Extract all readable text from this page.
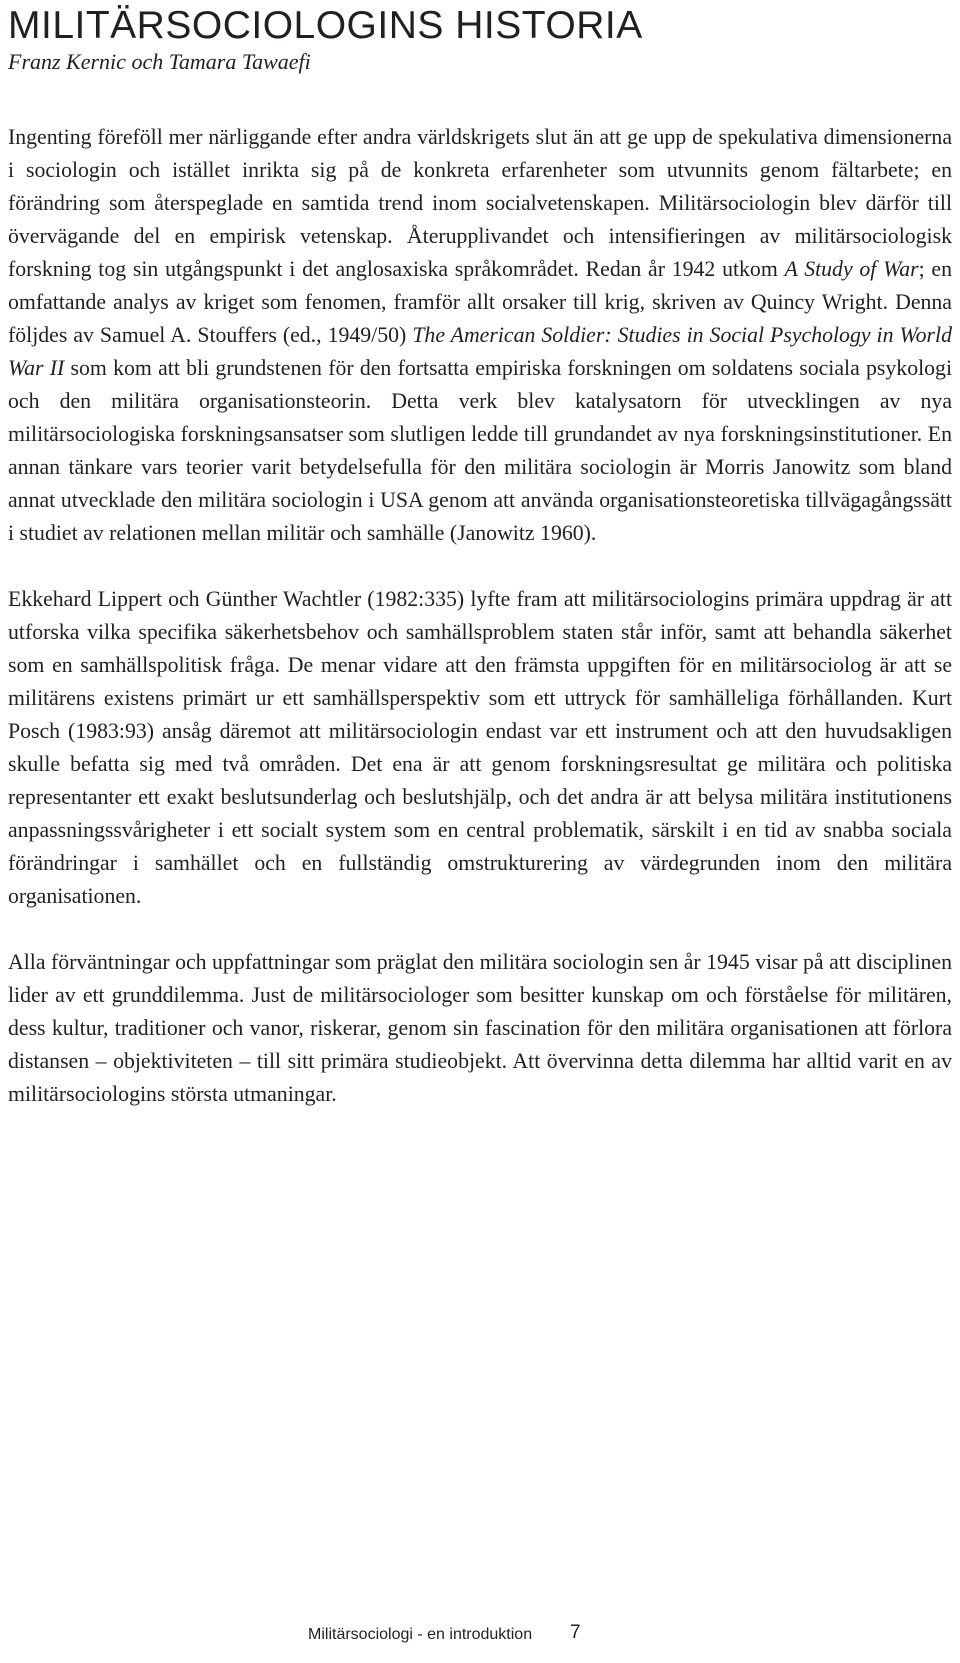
MILITÄRSOCIOLOGINS HISTORIA
Franz Kernic och Tamara Tawaefi

Ingenting föreföll mer närliggande efter andra världskrigets slut än att ge upp de spekulativa dimensionerna i sociologin och istället inrikta sig på de konkreta erfarenheter som utvunnits genom fältarbete; en förändring som återspeglade en samtida trend inom socialvetenskapen. Militärsociologin blev därför till övervägande del en empirisk vetenskap. Återupplivandet och intensifieringen av militärsociologisk forskning tog sin utgångspunkt i det anglosaxiska språkområdet. Redan år 1942 utkom A Study of War; en omfattande analys av kriget som fenomen, framför allt orsaker till krig, skriven av Quincy Wright. Denna följdes av Samuel A. Stouffers (ed., 1949/50) The American Soldier: Studies in Social Psychology in World War II som kom att bli grundstenen för den fortsatta empiriska forskningen om soldatens sociala psykologi och den militära organisationsteorin. Detta verk blev katalysatorn för utvecklingen av nya militärsociologiska forskningsansatser som slutligen ledde till grundandet av nya forskningsinstitutioner. En annan tänkare vars teorier varit betydelsefulla för den militära sociologin är Morris Janowitz som bland annat utvecklade den militära sociologin i USA genom att använda organisationsteoretiska tillvägagångssätt i studiet av relationen mellan militär och samhälle (Janowitz 1960).

Ekkehard Lippert och Günther Wachtler (1982:335) lyfte fram att militärsociologins primära uppdrag är att utforska vilka specifika säkerhetsbehov och samhällsproblem staten står inför, samt att behandla säkerhet som en samhällspolitisk fråga. De menar vidare att den främsta uppgiften för en militärsociolog är att se militärens existens primärt ur ett samhällsperspektiv som ett uttryck för samhälleliga förhållanden. Kurt Posch (1983:93) ansåg däremot att militärsociologin endast var ett instrument och att den huvudsakligen skulle befatta sig med två områden. Det ena är att genom forskningsresultat ge militära och politiska representanter ett exakt beslutsunderlag och beslutshjälp, och det andra är att belysa militära institutionens anpassningssvårigheter i ett socialt system som en central problematik, särskilt i en tid av snabba sociala förändringar i samhället och en fullständig omstrukturering av värdegrunden inom den militära organisationen.

Alla förväntningar och uppfattningar som präglat den militära sociologin sen år 1945 visar på att disciplinen lider av ett grunddilemma. Just de militärsociologer som besitter kunskap om och förståelse för militären, dess kultur, traditioner och vanor, riskerar, genom sin fascination för den militära organisationen att förlora distansen – objektiviteten – till sitt primära studieobjekt. Att övervinna detta dilemma har alltid varit en av militärsociologins största utmaningar.

Militärsociologi - en introduktion 7
